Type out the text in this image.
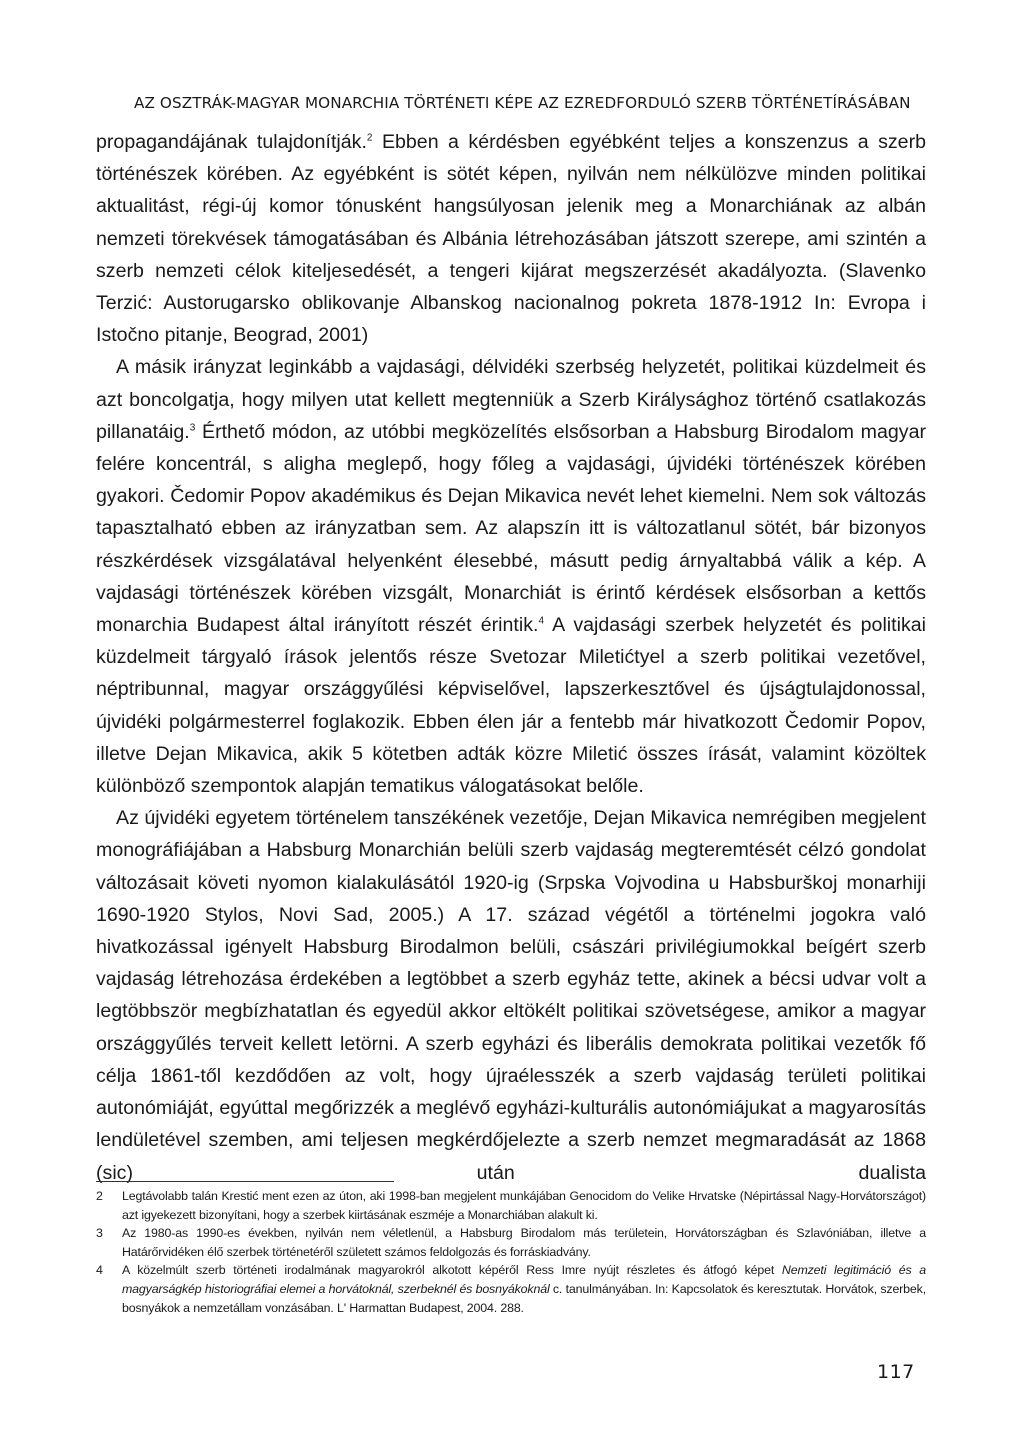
AZ OSZTRÁK-MAGYAR MONARCHIA TÖRTÉNETI KÉPE AZ EZREDFORDULÓ SZERB TÖRTÉNETÍRÁSÁBAN

propagandájának tulajdonítják.$^2$ Ebben a kérdésben egyébként teljes a konszenzus a szerb történészek körében. Az egyébként is sötét képen, nyilván nem nélkülözve minden politikai aktualitást, régi-új komor tónusként hangsúlyosan jelenik meg a Monarchiának az albán nemzeti törekvések támogatásában és Albánia létrehozásában játszott szerepe, ami szintén a szerb nemzeti célok kiteljesedését, a tengeri kijárat megszerzését akadályozta. (Slavenko Terzić: Austorugarsko oblikovanje Albanskog nacionalnog pokreta 1878-1912 In: Evropa i Istočno pitanje, Beograd, 2001)

A másik irányzat leginkább a vajdasági, délvidéki szerbség helyzetét, politikai küzdelmeit és azt boncolgatja, hogy milyen utat kellett megtenniük a Szerb Királysághoz történő csatlakozás pillanatáig.$^3$ Érthető módon, az utóbbi megközelítés elsősorban a Habsburg Birodalom magyar felére koncentrál, s aligha meglepő, hogy főleg a vajdasági, újvidéki történészek körében gyakori. Čedomir Popov akadémikus és Dejan Mikavica nevét lehet kiemelni. Nem sok változás tapasztalható ebben az irányzatban sem. Az alapszín itt is változatlanul sötét, bár bizonyos részkérdések vizsgálatával helyenként élesebbé, másutt pedig árnyaltabbá válik a kép. A vajdasági történészek körében vizsgált, Monarchiát is érintő kérdések elsősorban a kettős monarchia Budapest által irányított részét érintik.$^4$ A vajdasági szerbek helyzetét és politikai küzdelmeit tárgyaló írások jelentős része Svetozar Miletićtyel a szerb politikai vezetővel, néptribunnal, magyar országgyűlési képviselővel, lapszerkesztővel és újságtulajdonossal, újvidéki polgármesterrel foglakozik. Ebben élen jár a fentebb már hivatkozott Čedomir Popov, illetve Dejan Mikavica, akik 5 kötetben adták közre Miletić összes írását, valamint közöltek különböző szempontok alapján tematikus válogatásokat belőle.

Az újvidéki egyetem történelem tanszékének vezetője, Dejan Mikavica nemrégiben megjelent monográfiájában a Habsburg Monarchián belüli szerb vajdaság megteremtését célzó gondolat változásait követi nyomon kialakulásától 1920-ig (Srpska Vojvodina u Habsburškoj monarhiji 1690-1920 Stylos, Novi Sad, 2005.) A 17. század végétől a történelmi jogokra való hivatkozással igényelt Habsburg Birodalmon belüli, császári privilégiumokkal beígért szerb vajdaság létrehozása érdekében a legtöbbet a szerb egyház tette, akinek a bécsi udvar volt a legtöbbször megbízhatatlan és egyedül akkor eltökélt politikai szövetségese, amikor a magyar országgyűlés terveit kellett letörni. A szerb egyházi és liberális demokrata politikai vezetők fő célja 1861-től kezdődően az volt, hogy újraélesszék a szerb vajdaság területi politikai autonómiáját, egyúttal megőrizzék a meglévő egyházi-kulturális autonómiájukat a magyarosítás lendületével szemben, ami teljesen megkérdőjelezte a szerb nemzet megmaradását az 1868 (sic) után dualista

2	Legtávolabb talán Krestić ment ezen az úton, aki 1998-ban megjelent munkájában Genocidom do Velike Hrvatske (Népirtással Nagy-Horvátországot) azt igyekezett bizonyítani, hogy a szerbek kiirtásának eszméje a Monarchiában alakult ki.
3	Az 1980-as 1990-es években, nyilván nem véletlenül, a Habsburg Birodalom más területein, Horvátországban és Szlavóniában, illetve a Határőrvidéken élő szerbek történetéről született számos feldolgozás és forráskiadvány.
4	A közelmúlt szerb történeti irodalmának magyarokról alkotott képéről Ress Imre nyújt részletes és átfogó képet Nemzeti legitimáció és a magyarságkép historiográfiai elemei a horvátoknál, szerbeknél és bosnyákoknál c. tanulmányában. In: Kapcsolatok és keresztutak. Horvátok, szerbek, bosnyákok a nemzetállam vonzásában. L' Harmattan Budapest, 2004. 288.
117
